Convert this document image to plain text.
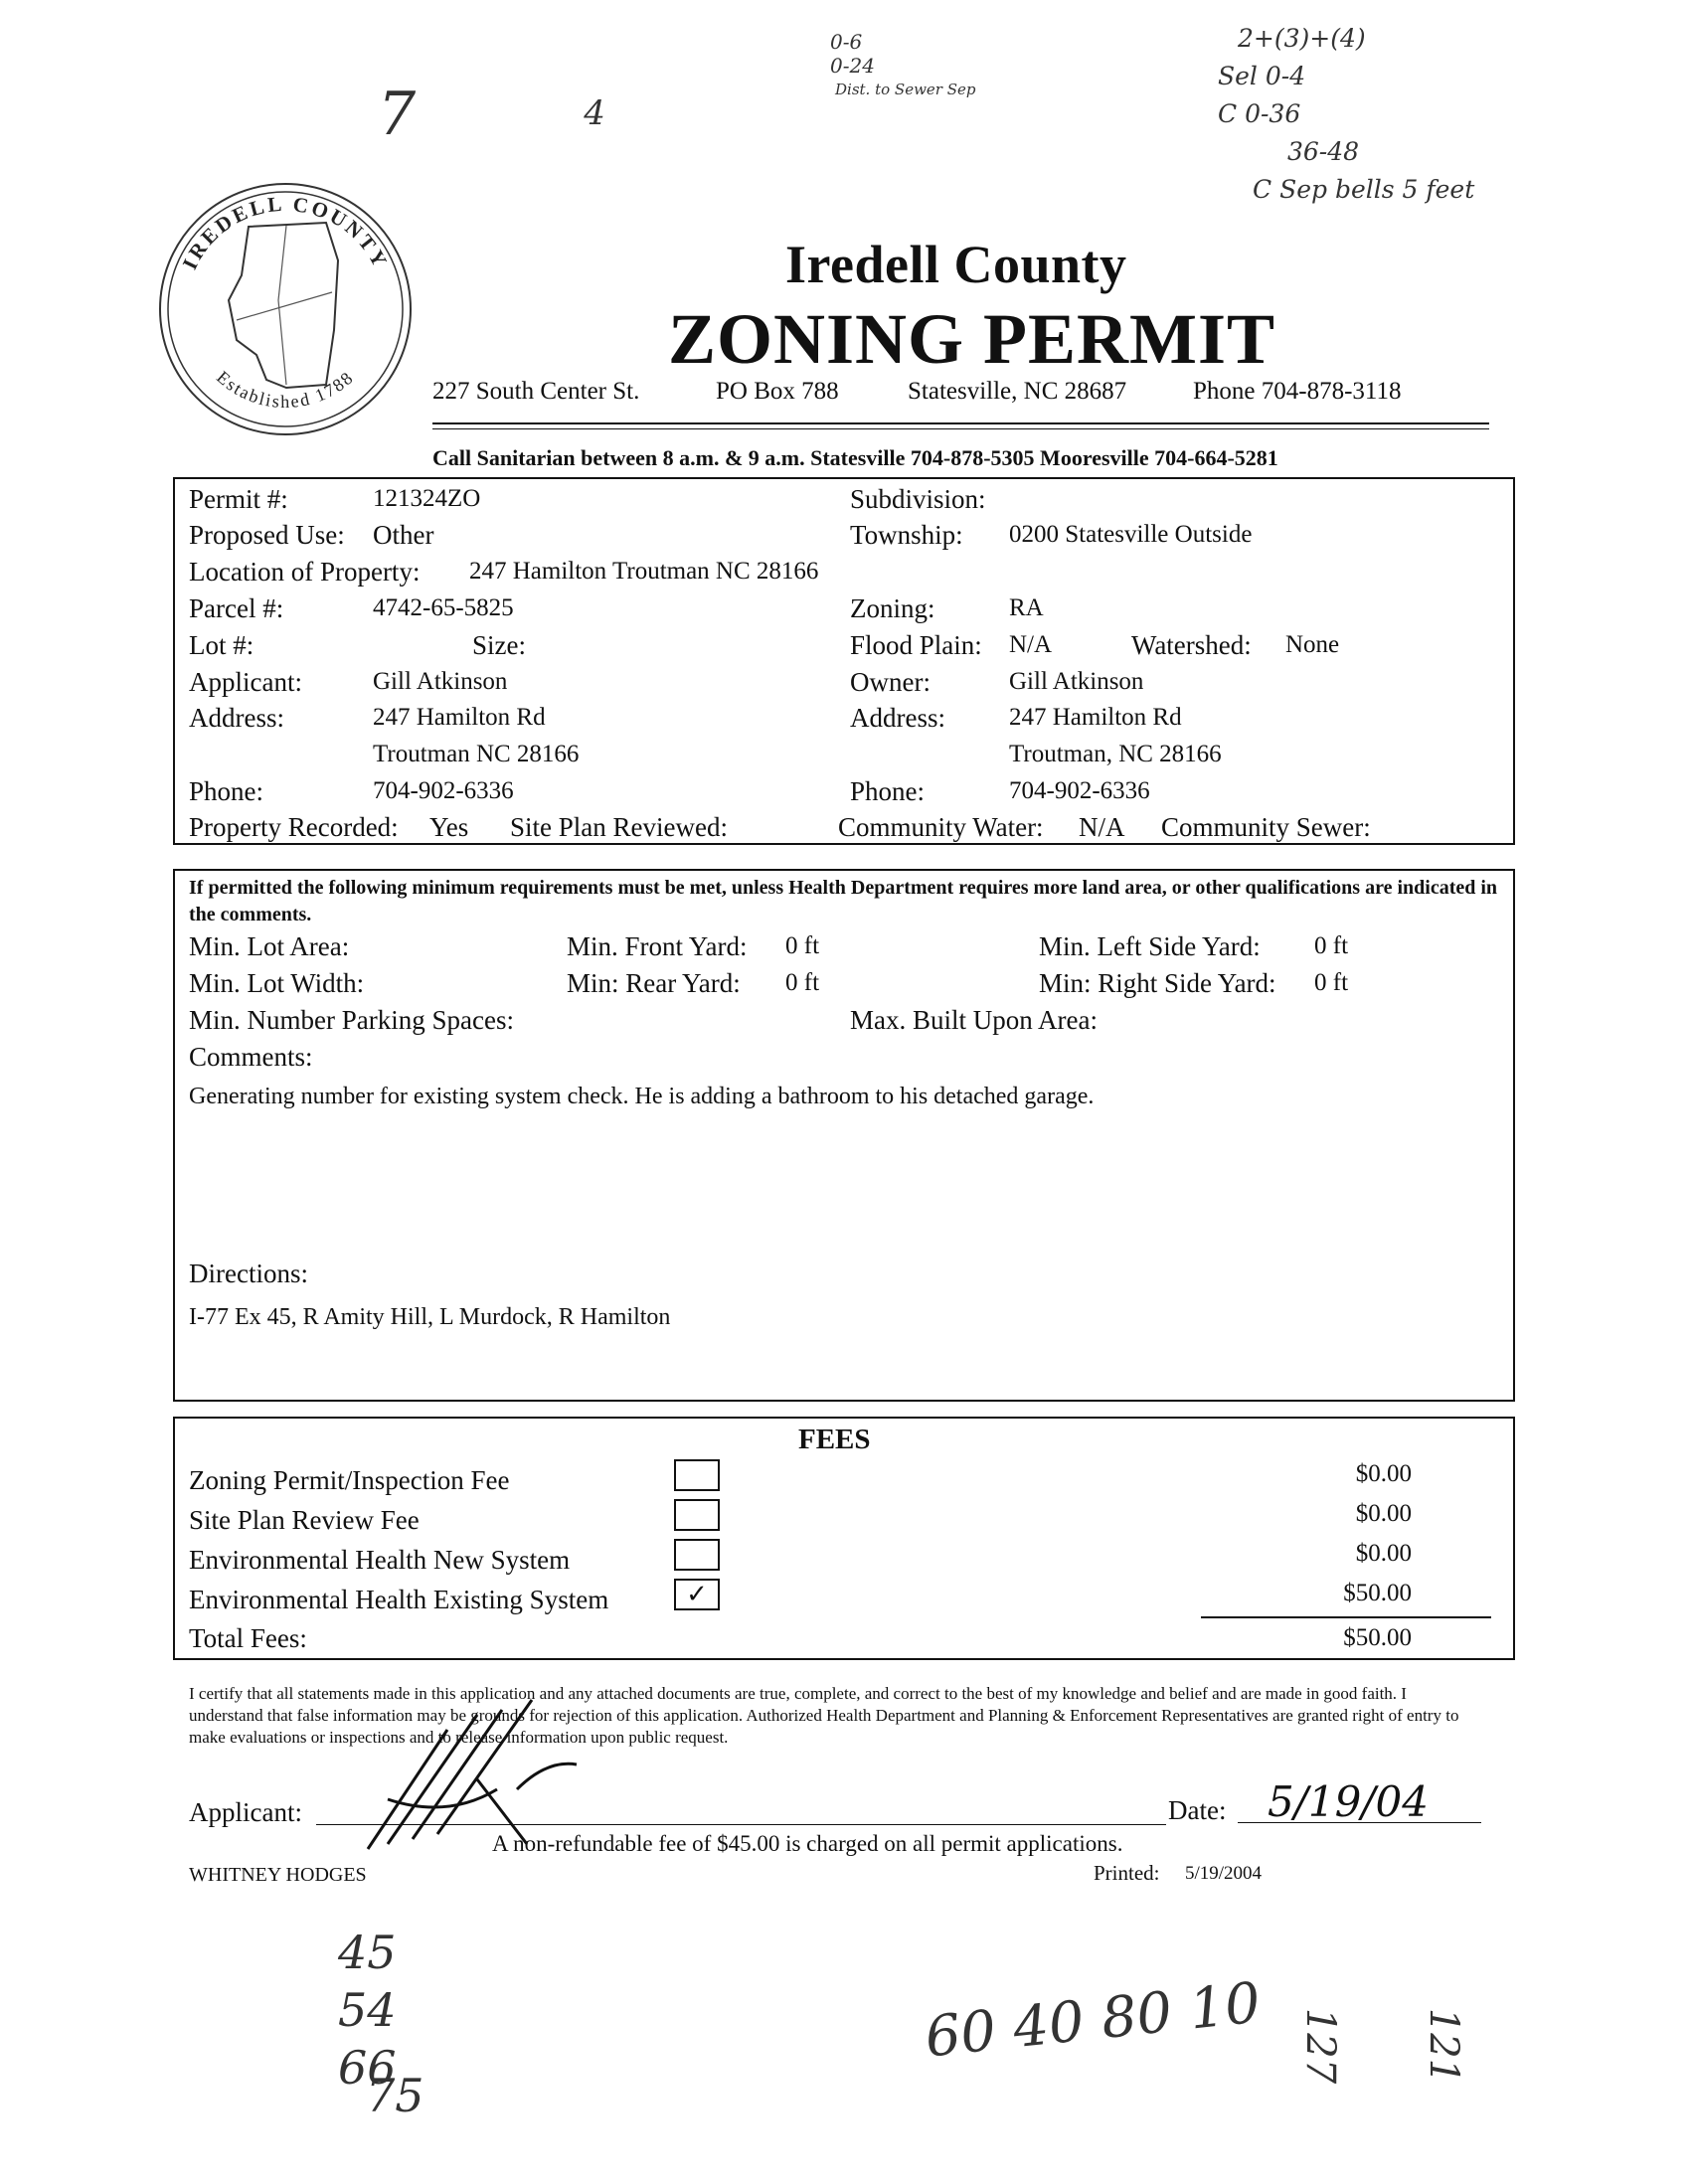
7	4
0-6
0-24
Dist. to Sewer Sep
2+(3)+(4)
Sel 0-4
C 0-36
36-48
C Sep bells 5 feet
IREDELL COUNTY
Established 1788
Iredell County
ZONING PERMIT
227 South Center St.	PO Box 788	Statesville, NC 28687	Phone 704-878-3118
Call Sanitarian between 8 a.m. & 9 a.m. Statesville 704-878-5305 Mooresville 704-664-5281
Permit #:	121324ZO	Subdivision:
Proposed Use: Other	Township: 0200 Statesville Outside
Location of Property: 247 Hamilton Troutman NC 28166
Parcel #:	4742-65-5825	Zoning:	RA
Lot #:	Size:	Flood Plain: N/A	Watershed: None
Applicant:	Gill Atkinson	Owner:	Gill Atkinson
Address:	247 Hamilton Rd	Address:	247 Hamilton Rd
Troutman NC 28166	Troutman, NC 28166
Phone:	704-902-6336	Phone:	704-902-6336
Property Recorded: Yes Site Plan Reviewed:	Community Water: N/A Community Sewer:
If permitted the following minimum requirements must be met, unless Health Department requires more land area, or other qualifications are indicated in the comments.
Min. Lot Area:	Min. Front Yard: 0 ft	Min. Left Side Yard: 0 ft
Min. Lot Width:	Min: Rear Yard: 0 ft	Min: Right Side Yard: 0 ft
Min. Number Parking Spaces:	Max. Built Upon Area:
Comments:
Generating number for existing system check. He is adding a bathroom to his detached garage.
Directions:
I-77 Ex 45, R Amity Hill, L Murdock, R Hamilton
FEES
Zoning Permit/Inspection Fee	$0.00
Site Plan Review Fee	$0.00
Environmental Health New System	$0.00
Environmental Health Existing System	✓	$50.00
Total Fees:	$50.00
I certify that all statements made in this application and any attached documents are true, complete, and correct to the best of my knowledge and belief and are made in good faith. I understand that false information may be grounds for rejection of this application. Authorized Health Department and Planning & Enforcement Representatives are granted right of entry to make evaluations or inspections and to release information upon public request.
Applicant:	Date: 5/19/04
A non-refundable fee of $45.00 is charged on all permit applications.
WHITNEY HODGES	Printed: 5/19/2004
45
54
66
75
60 40 80 10 127 121
